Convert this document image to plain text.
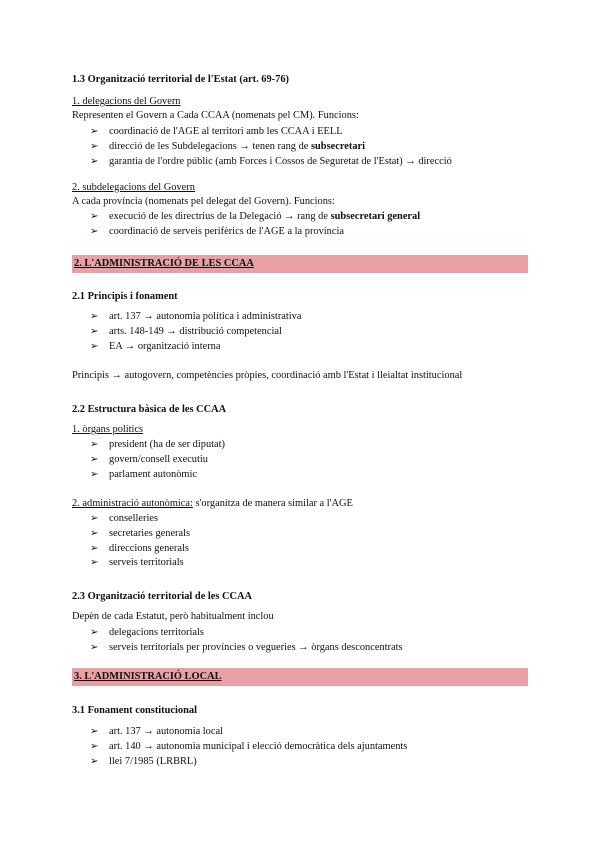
1.3 Organització territorial de l'Estat (art. 69-76)
1. delegacions del Govern
Representen el Govern a Cada CCAA (nomenats pel CM). Funcions:
➢ coordinació de l'AGE al territori amb les CCAA i EELL
➢ direcció de les Subdelegacions → tenen rang de subsecretari
➢ garantia de l'ordre públic (amb Forces i Cossos de Seguretat de l'Estat) → direcció
2. subdelegacions del Govern
A cada província (nomenats pel delegat del Govern). Funcions:
➢ execució de les directrius de la Delegació → rang de subsecretari general
➢ coordinació de serveis perifèrics de l'AGE a la província
2. L'ADMINISTRACIÓ DE LES CCAA
2.1 Principis i fonament
➢ art. 137 → autonomia política i administrativa
➢ arts. 148-149 → distribució competencial
➢ EA → organització interna
Principis → autogovern, competències pròpies, coordinació amb l'Estat i lleialtat institucional
2.2 Estructura bàsica de les CCAA
1. òrgans polítics
➢ president (ha de ser diputat)
➢ govern/consell executiu
➢ parlament autonòmic
2. administració autonòmica: s'organitza de manera similar a l'AGE
➢ conselleries
➢ secretaries generals
➢ direccions generals
➢ serveis territorials
2.3 Organització territorial de les CCAA
Depèn de cada Estatut, però habitualment inclou
➢ delegacions territorials
➢ serveis territorials per províncies o vegueries → òrgans desconcentrats
3. L'ADMINISTRACIÓ LOCAL
3.1 Fonament constitucional
➢ art. 137 → autonomia local
➢ art. 140 → autonomia municipal i elecció democràtica dels ajuntaments
➢ llei 7/1985 (LRBRL)
